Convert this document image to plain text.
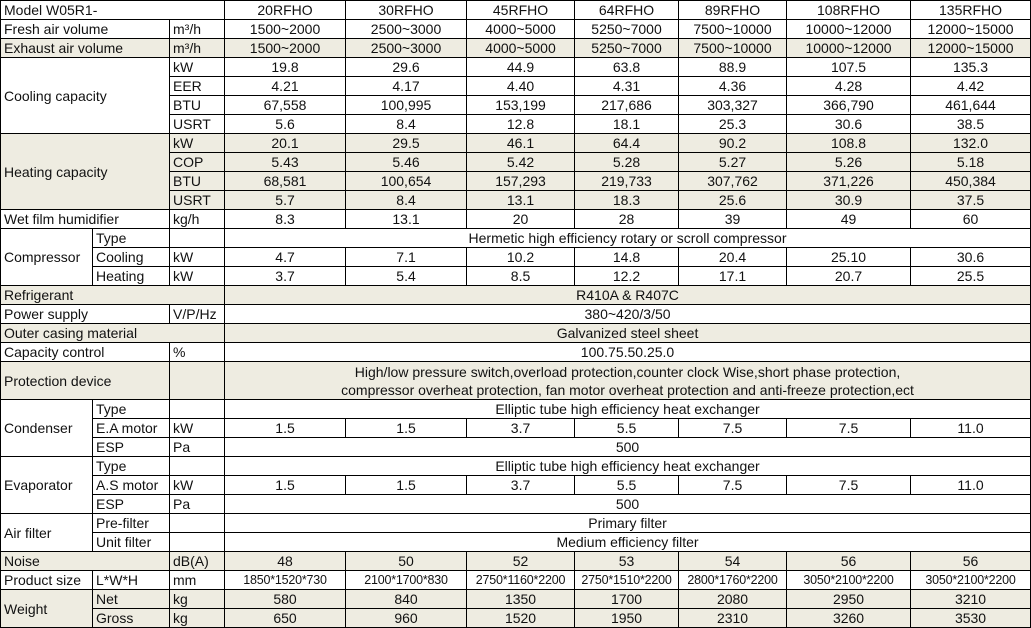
Model W05R1-			20RFHO	30RFHO	45RFHO	64RFHO	89RFHO	108RFHO	135RFHO
Fresh air volume		m³/h	1500~2000	2500~3000	4000~5000	5250~7000	7500~10000	10000~12000	12000~15000
Exhaust air volume		m³/h	1500~2000	2500~3000	4000~5000	5250~7000	7500~10000	10000~12000	12000~15000
Cooling capacity		kW	19.8	29.6	44.9	63.8	88.9	107.5	135.3
		EER	4.21	4.17	4.40	4.31	4.36	4.28	4.42
		BTU	67,558	100,995	153,199	217,686	303,327	366,790	461,644
		USRT	5.6	8.4	12.8	18.1	25.3	30.6	38.5
Heating capacity		kW	20.1	29.5	46.1	64.4	90.2	108.8	132.0
		COP	5.43	5.46	5.42	5.28	5.27	5.26	5.18
		BTU	68,581	100,654	157,293	219,733	307,762	371,226	450,384
		USRT	5.7	8.4	13.1	18.3	25.6	30.9	37.5
Wet film humidifier		kg/h	8.3	13.1	20	28	39	49	60
Compressor	Type		Hermetic high efficiency rotary or scroll compressor						
	Cooling	kW	4.7	7.1	10.2	14.8	20.4	25.10	30.6
	Heating	kW	3.7	5.4	8.5	12.2	17.1	20.7	25.5
Refrigerant			R410A & R407C						
Power supply		V/P/Hz	380~420/3/50						
Outer casing material			Galvanized steel sheet						
Capacity control		%	100.75.50.25.0						
Protection device			High/low pressure switch,overload protection,counter clock Wise,short phase protection,
compressor overheat protection, fan motor overheat protection and anti-freeze protection,ect						

Condenser	Type		Elliptic tube high efficiency heat exchanger						
	E.A motor	kW	1.5	1.5	3.7	5.5	7.5	7.5	11.0
	ESP	Pa	500						
Evaporator	Type		Elliptic tube high efficiency heat exchanger						
	A.S motor	kW	1.5	1.5	3.7	5.5	7.5	7.5	11.0
	ESP	Pa	500						
Air filter	Pre-filter		Primary filter						
	Unit filter		Medium efficiency filter						
Noise		dB(A)	48	50	52	53	54	56	56
Product size	L*W*H	mm	1850*1520*730	2100*1700*830	2750*1160*2200	2750*1510*2200	2800*1760*2200	3050*2100*2200	3050*2100*2200
Weight	Net	kg	580	840	1350	1700	2080	2950	3210
	Gross	kg	650	960	1520	1950	2310	3260	3530
